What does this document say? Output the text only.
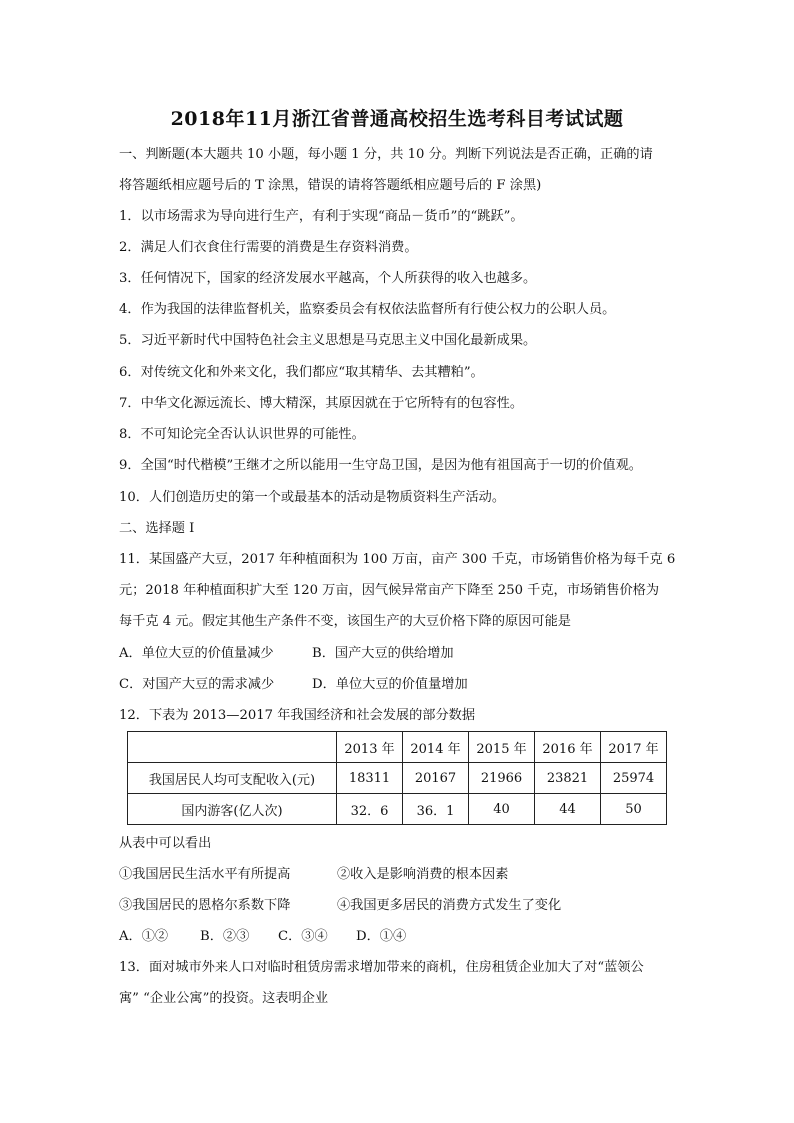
2018年11月浙江省普通高校招生选考科目考试试题
一、判断题(本大题共 10 小题，每小题 1 分，共 10 分。判断下列说法是否正确，正确的请
将答题纸相应题号后的 T 涂黑，错误的请将答题纸相应题号后的 F 涂黑)
1．以市场需求为导向进行生产，有利于实现“商品－货币”的“跳跃”。
2．满足人们衣食住行需要的消费是生存资料消费。
3．任何情况下，国家的经济发展水平越高，个人所获得的收入也越多。
4．作为我国的法律监督机关，监察委员会有权依法监督所有行使公权力的公职人员。
5．习近平新时代中国特色社会主义思想是马克思主义中国化最新成果。
6．对传统文化和外来文化，我们都应“取其精华、去其糟粕”。
7．中华文化源远流长、博大精深，其原因就在于它所特有的包容性。
8．不可知论完全否认认识世界的可能性。
9．全国“时代楷模”王继才之所以能用一生守岛卫国，是因为他有祖国高于一切的价值观。
10．人们创造历史的第一个或最基本的活动是物质资料生产活动。
二、选择题 I
11．某国盛产大豆，2017 年种植面积为 100 万亩，亩产 300 千克，市场销售价格为每千克 6
元；2018 年种植面积扩大至 120 万亩，因气候异常亩产下降至 250 千克，市场销售价格为
每千克 4 元。假定其他生产条件不变，该国生产的大豆价格下降的原因可能是
A．单位大豆的价值量减少	B．国产大豆的供给增加
C．对国产大豆的需求减少	D．单位大豆的价值量增加
12．下表为 2013—2017 年我国经济和社会发展的部分数据
	2013 年	2014 年	2015 年	2016 年	2017 年
我国居民人均可支配收入(元)	18311	20167	21966	23821	25974
国内游客(亿人次)	32．6	36．1	40	44	50
从表中可以看出
①我国居民生活水平有所提高	②收入是影响消费的根本因素
③我国居民的恩格尔系数下降	④我国更多居民的消费方式发生了变化
A．①② B．②③ C．③④ D．①④
13．面对城市外来人口对临时租赁房需求增加带来的商机，住房租赁企业加大了对“蓝领公
寓” “企业公寓”的投资。这表明企业
